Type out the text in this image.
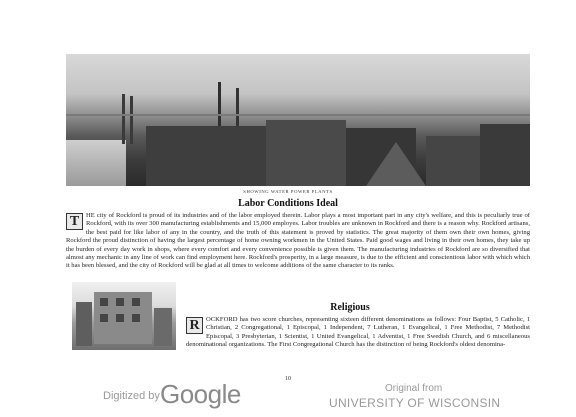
SHOWING WATER POWER PLANTS
Labor Conditions Ideal
T	HE city of Rockford is proud of its industries and of the labor employed therein. Labor plays a most important part in any city's welfare, and this is peculiarly true of Rockford, with its over 300 manufacturing establishments and 15,000 employes. Labor troubles are unknown in Rockford and there is a reason why. Rockford artisans, the best paid for like labor of any in the country, and the truth of this statement is proved by statistics. The great majority of them own their own homes, giving Rockford the proud distinction of having the largest percentage of home owning workmen in the United States. Paid good wages and living in their own homes, they take up the burden of every day work in shops, where every comfort and every convenience possible is given them. The manufacturing industries of Rockford are so diversified that almost any mechanic in any line of work can find employment here. Rockford's prosperity, in a large measure, is due to the efficient and conscientious labor with which which it has been blessed, and the city of Rockford will be glad at all times to welcome additions of the same character to its ranks.
Religious
R OCKFORD has two score churches, representing sixteen different denominations as follows: Four Baptist, 5 Catholic, 1 Christian, 2 Congregational, 1 Episcopal, 1 Independent, 7 Lutheran, 1 Evangelical, 1 Free Methodist, 7 Methodist Episcopal, 3 Presbyterian, 1 Scientist, 1 United Evangelical, 1 Adventist, 1 Free Swedish Church, and 6 miscellaneous denominational organizations. The First Congregational Church has the distinction of being Rockford's oldest denomina-
10
Digitized by Google	Original from
UNIVERSITY OF WISCONSIN
